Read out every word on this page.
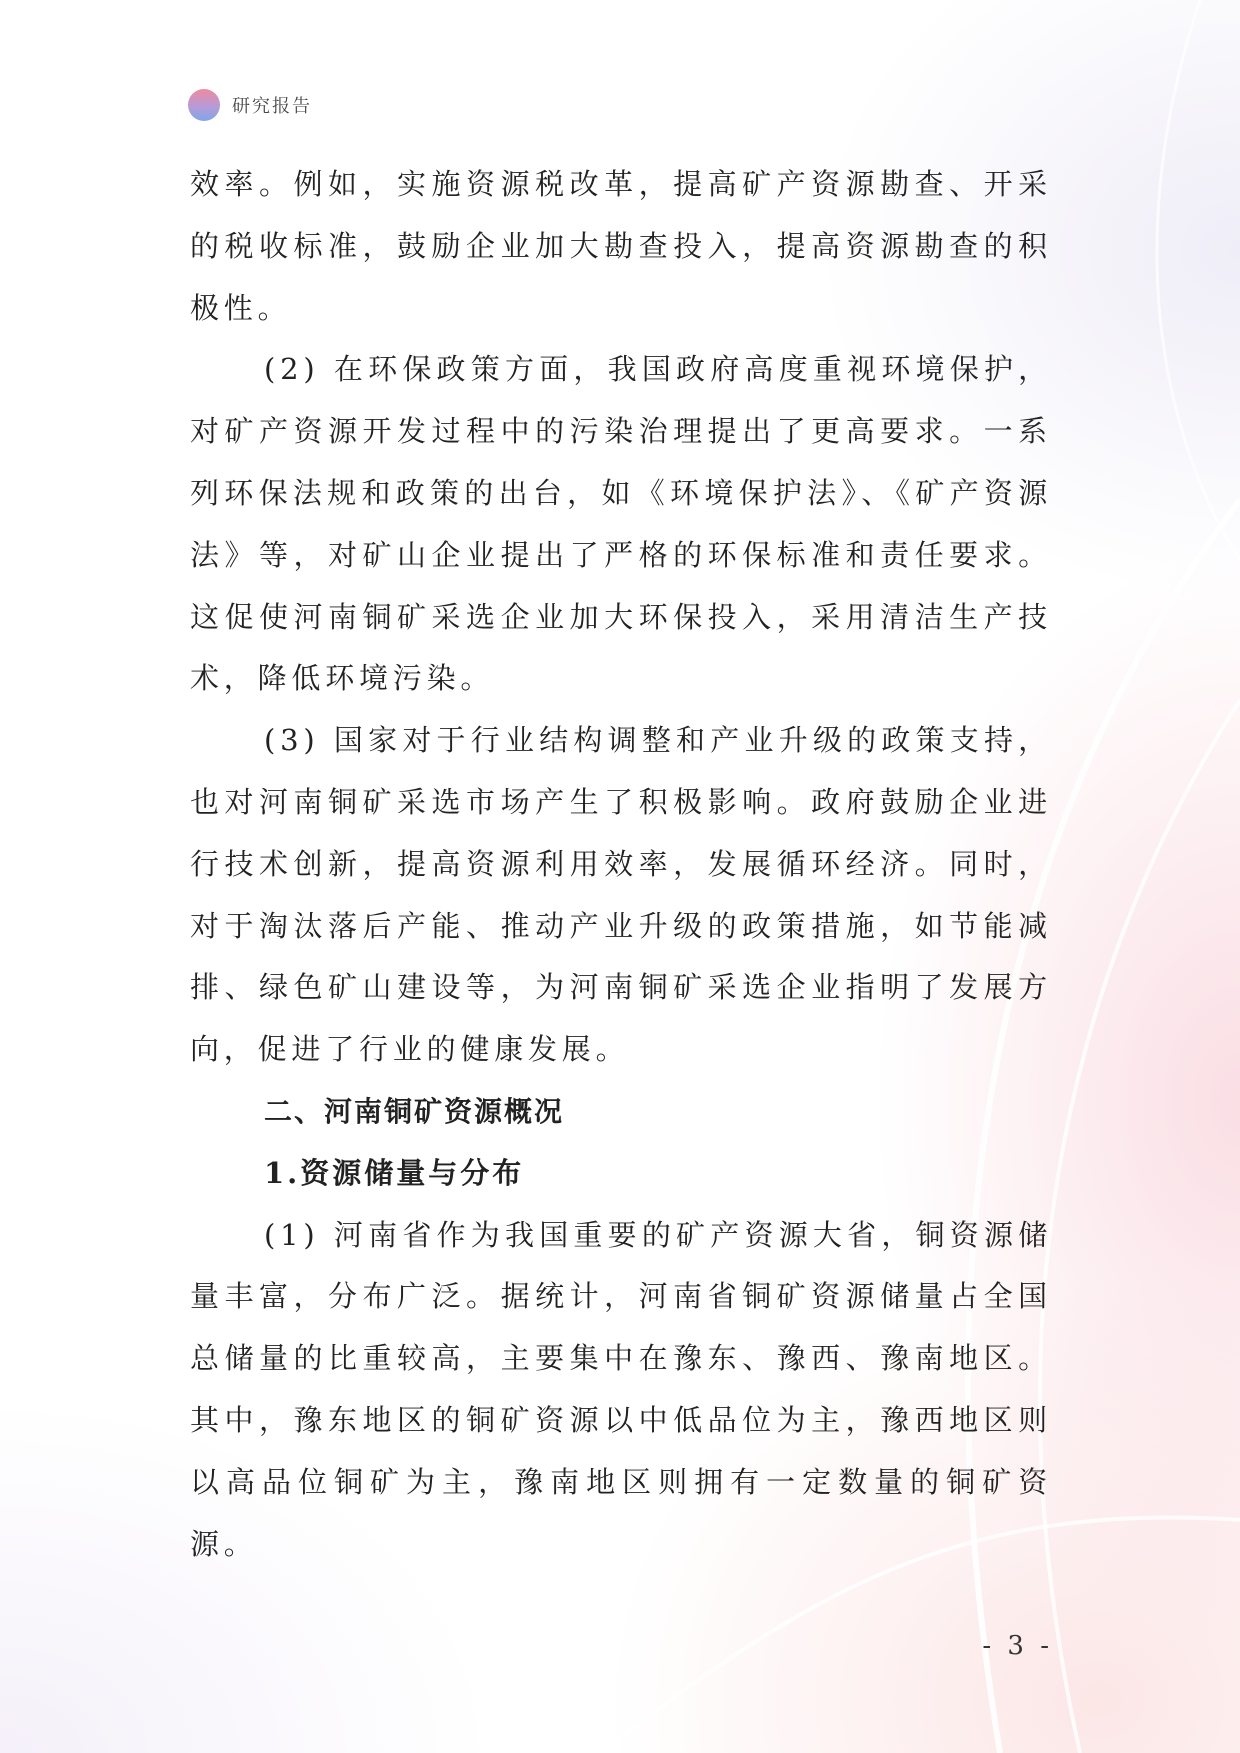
研究报告

效率。例如，实施资源税改革，提高矿产资源勘查、开采的税收标准，鼓励企业加大勘查投入，提高资源勘查的积极性。

(2) 在环保政策方面，我国政府高度重视环境保护，对矿产资源开发过程中的污染治理提出了更高要求。一系列环保法规和政策的出台，如《环境保护法》、《矿产资源法》等，对矿山企业提出了严格的环保标准和责任要求。这促使河南铜矿采选企业加大环保投入，采用清洁生产技术，降低环境污染。

(3) 国家对于行业结构调整和产业升级的政策支持，也对河南铜矿采选市场产生了积极影响。政府鼓励企业进行技术创新，提高资源利用效率，发展循环经济。同时，对于淘汰落后产能、推动产业升级的政策措施，如节能减排、绿色矿山建设等，为河南铜矿采选企业指明了发展方向，促进了行业的健康发展。

二、河南铜矿资源概况
1.资源储量与分布

(1) 河南省作为我国重要的矿产资源大省，铜资源储量丰富，分布广泛。据统计，河南省铜矿资源储量占全国总储量的比重较高，主要集中在豫东、豫西、豫南地区。其中，豫东地区的铜矿资源以中低品位为主，豫西地区则以高品位铜矿为主，豫南地区则拥有一定数量的铜矿资源。

- 3 -
